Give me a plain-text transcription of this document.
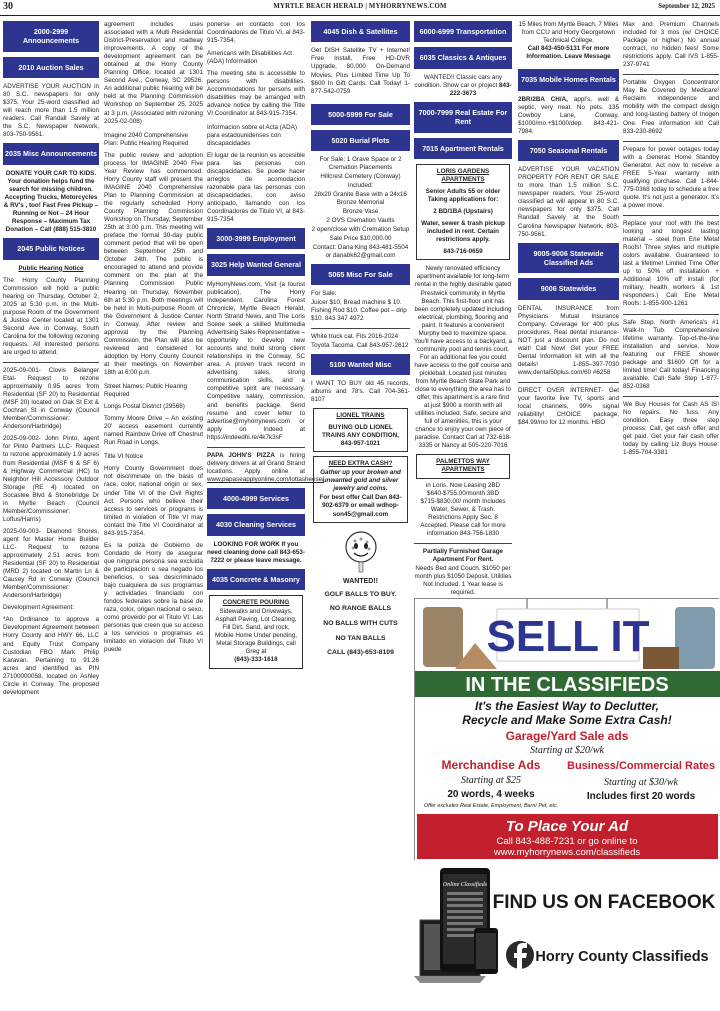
30	MYRTLE BEACH HERALD | MYHORRYNEWS.COM	September 12, 2025
2000-2999 Announcements
2010 Auction Sales

ADVERTISE YOUR AUCTION in 80 S.C. newspapers for only $375. Your 25-word classified ad will reach more than 1.5 million readers. Call Randall Savely at the S.C. Newspaper Network, 803-750-9561.

2035 Misc Announcements

DONATE YOUR CAR TO KIDS. Your donation helps fund the search for missing children. Accepting Trucks, Motorcycles & RV's , too! Fast Free Pickup – Running or Not – 24 Hour Response – Maximum Tax Donation – Call (888) 515-3810

2045 Public Notices

Public Hearing Notice

The Horry County Planning Commission will hold a public hearing on Thursday, October 2, 2025 at 5:30 p.m. in the Multi-purpose Room of the Government & Justice Center located at 1301 Second Ave in Conway, South Carolina for the following rezoning requests. All interested persons are urged to attend.

2025-09-001- Clovis Belanger Etal- Request to rezone approximately 0.95 acres from Residential (SF 20) to Residential (MSF 20) located on Oak St Ext & Cochran St in Conway (Council Member/Commissioner: Anderson/Harbridge)

2025-09-002- John Pinto, agent for Pinto Partners LLC- Request to rezone approximately 1.9 acres from Residential (MSF 6 & SF 6) & Highway Commercial (HC) to Neighbor Hill Accessory Outdoor Storage (RE 4) located on Socastee Blvd & Stonebridge Dr in Myrtle Beach (Council Member/Commissioner: Loftus/Harris)

2025-09-003- Diamond Shores, agent for Master Home Builder LLC- Request to rezone approximately 2.51 acres from Residential (SF 20) to Residential (MRD 2) located on Martin Ln & Causey Rd in Conway (Council Member/Commissioner: Anderson/Harbridge)

Development Agreement:

*An Ordinance to approve a Development Agreement between Horry County and HWY 66, LLC and Equity Trust Company Custodian FBO Mark Philip Karavan. Pertaining to 91.26 acres and identified as PIN 27100000058, located on Ashley Circle in Conway. The proposed development

agreement includes uses associated with a Multi Residential District-Preservation and roadway improvements. A copy of the development agreement can be obtained at the Horry County Planning Office, located at 1301 Second Ave., Conway, SC 29526. An additional public hearing will be held at the Planning Commission Workshop on September 25, 2025 at 3 p.m. (Associated with rezoning 2025-02-008)

Imagine 2040 Comprehensive Plan: Public Hearing Required

The public review and adoption process for IMAGINE 2040 Five Year Review has commenced. Horry County staff will present the IMAGINE 2040 Comprehensive Plan to Planning Commission at the regularly scheduled Horry County Planning Commission Workshop on Thursday, September 25th at 3:00 p.m. This meeting will preface the formal 30-day public comment period that will be open between September 25th and October 24th. The public is encouraged to attend and provide comment on the plan at the Planning Commission Public Hearing on Thursday, November 6th at 5:30 p.m. Both meetings will be held in Multi-purpose Room of the Government & Justice Center in Conway. After review and approval by the Planning Commission, the Plan will also be reviewed and considered for adoption by Horry County Council at their meetings on November 18th at 6:00 p.m.

Street Names: Public Hearing Required

Longs Postal District (29568)

Tommy Moore Drive – An existing 20' access easement currently named Rainbow Drive off Chestnut Run Road in Longs.

Title VI Notice

Horry County Government does not discriminate on the basis of race, color, national origin or sex, under Title VI of the Civil Rights Act. Persons who believe their access to services or programs is limited in violation of Title VI may contact the Title VI Coordinator at 843-915-7354.

Es la poliza de Gobierno de Condado de Horry de asegurar que ninguna persona sea excluida de participacion o sea negado los beneficios, o sea desicriminado bajo cualquiera de sus programas y actividades financiado con fondos federales sobre la base de raza, color, origen nacional o sexo, como proveido por el Titulo VI. Las personas que creen que su acceso a los servicios o programas es limitado en violacion del Titulo VI puede

ponerse en contacto con los Coordinadores de Titulo VI, al 843-915-7354.

Americans with Disabilities Act (ADA) Information

The meeting site is accessible to persons with disabilities. Accommodations for persons with disabilities may be arranged with advance notice by calling the Title VI Coordinator at 843-915-7354.

Informacion sobre el Acta (ADA) para estadounidenses con discapacidades

El lugar de la reunion es accesible para las personas con discapacidades. Se puede hacer arreglos de acomodacion razonable para las personas con discapacidades, con aviso anticipado, llamando con los Coordinadores de Titulo VI, al 843-915-7354

3000-3999 Employment
3025 Help Wanted General

MyHorryNews.com, Visit (a tourist publication), The Horry Independent, Carolina Forest Chronicle, Myrtle Beach Herald, North Strand News, and The Loris Scene seek a skilled Multimedia Advertising Sales Representative – opportunity to develop new accounts and build strong client relationships in the Conway, SC area. A proven track record in advertising sales, strong communication skills, and a competitive spirit are necessary. Competitive salary, commission, and benefits package. Send resume and cover letter to advertise@myhorrynews.com or apply on Indeed at https://indeedhi.re/4k7k3sF

PAPA JOHN'S PIZZA is hiring delivery drivers at all Grand Strand locations. Apply online at www.papaseapplyonline.com/lottasheese/

4000-4999 Services
4030 Cleaning Services

LOOKING FOR WORK If you need cleaning done call 843-653-7222 or please leave message.

4035 Concrete & Masonry

CONCRETE POURING

Sidewalks and Driveways, Asphalt Paving, Lot Clearing, Fill Dirt, Sand, and rock, Mobile Home Under pending, Metal Storage Buildings, call Greg at

(843)-333-1618

4045 Dish & Satellites

Get DISH Satellite TV + Internet! Free Install, Free HD-DVR Upgrade, 80,000 On-Demand Movies, Plus Limited Time Up To $600 In Gift Cards. Call Today! 1-877-542-0759

5000-5999 For Sale
5020 Burial Plots

For Sale: 1 Grave Space or 2 Cremation Placements

Hillcrest Cemetery (Conway) Included:

28x20 Granite Base with a 24x16 Bronze Memorial

Bronze Vase

2 OVS Cremation Vaults

2 open/close with Cremation Setup

Sale Price $10,000.00

Contact: Dana King 843-481-5504 or danabk62@gmail.com

5065 Misc For Sale

For Sale:

Juicer $10, Bread machine $ 10. Fishing Rod $10. Coffee pot – drip $10. 843 347 4972

White truck cat. Fits 2016-2024 Toyota Tacoma. Call 843-957-2612

5100 Wanted Misc

I WANT TO BUY old 45 records, albums and 78's. Call 704-361-8107

LIONEL TRAINS

BUYING OLD LIONEL TRAINS ANY CONDITION, 843-957-1021

NEED EXTRA CASH?

Gather up your broken and unwanted gold and silver jewelry and coins.

For best offer Call Dan 843-902-6379 or email wdhop-son45@gmail.com

WANTED!!

GOLF BALLS TO BUY.

NO RANGE BALLS

NO BALLS WITH CUTS

NO TAN BALLS

CALL (843)-653-8109

6000-6999 Transportation
6035 Classics & Antiques

WANTED!! Classic cars any condition. Show car or project 843-222-3673

7000-7999 Real Estate For Rent
7015 Apartment Rentals

LORIS GARDENS APARTMENTS

Senior Adults 55 or older Taking applications for:

2 BD/1BA (Upstairs)

Water, sewer & trash pickup included in rent. Certain restrictions apply.

843-716-0659

Newly renovated efficiency apartment available for long-term rental in the highly desirable gated Prestwick community in Myrtle Beach. This first-floor unit has been completely updated including electrical, plumbing, flooring and paint. It features a convenient Murphy bed to maximize space. You'll have access to a backyard, a community pool and tennis court. For an additional fee you could have access to the golf course and pickleball. Located just minutes from Myrtle Beach State Park and close to everything the area has to offer, this apartment is a rare find at just $900 a month with all utilities included. Safe, secure and full of amenities, this is your chance to enjoy your own piece of paradise. Contact Carl at 732-618-3335 or Nancy at 505-220-7016

PALMETTOS WAY APARTMENTS

in Loris. Now Leasing 2BD $640-$755.00/month 3BD $715-$830.00/ month Includes Water, Sewer, & Trash. Restrictions Apply Sec. 8 Accepted. Please call for more information 843-756-1830

Partially Furnished Garage Apartment For Rent.

Needs Bed and Couch. $1050 per month plus $1050 Deposit. Utilities Not Included. 1 Year lease is required.

15 Miles from Myrtle Beach, 7 Miles from CCU and Horry Georgetown Technical College.

Call 843-450-5131 For more Information. Leave Message

7035 Mobile Homes Rentals

2BR/2BA CH/A, appl's, well & septic, very neat. No pets. 135 Cowboy Lane, Conway. $1000/mo.+$1000/dep. 843-421-7984.

7050 Seasonal Rentals

ADVERTISE YOUR VACATION PROPERTY FOR RENT OR SALE to more than 1.5 million S.C. newspaper readers. Your 25-word classified ad will appear in 80 S.C. newspapers for only $375. Call Randall Savely at the South Carolina Newspaper Network, 803-750-9561.

9005-9006 Statewide Classified Ads
9006 Statewides

DENTAL INSURANCE from Physicians Mutual Insurance Company. Coverage for 400 plus procedures. Real dental insurance- NOT just a discount plan. Do not wait! Call Now! Get your FREE Dental Information kit with all the details! 1-855–397-7030 www.dental50plus.com/60 #6258

DIRECT OVER INTERNET- Get your favorite live TV, sports and local channels, 99% signal reliability! CHOICE package, $84.99/mo for 12 months. HBO

Max and Premium Channels included for 3 mos (w/ CHOICE Package or higher.) No annual contract, no hidden fees! Some restrictions apply. Call IVS 1-855-237-9741

Portable Oxygen Concentrator May Be Covered by Medicare! Reclaim independence and mobility with the compact design and long-lasting battery of Inogen One. Free information kit! Call 833-230-8692

Prepare for power outages today with a Generac Home Standby Generator. Act now to receive a FREE 5-Year warranty with qualifying purchase. Call 1-844-775-0368 today to schedule a free quote. It's not just a generator. It's a power move.

Replace your roof with the best looking and longest lasting material – steel from Erie Metal Roofs! Three styles and multiple colors available. Guaranteed to last a lifetime! Limited Time Offer up to 50% off installation + Additional 10% off install (for military, health workers & 1st responders.) Call Erie Metal Roofs: 1-855-900-1261

Safe Step. North America's #1 Walk-In Tub. Comprehensive lifetime warranty. Top-of-the-line installation and service. Now featuring our FREE shower package and $1600 Off for a limited time! Call today! Financing available. Call Safe Step 1-877-852-0368

We Buy Houses for Cash AS IS! No repairs. No fuss. Any condition. Easy three step process: Call, get cash offer and get paid. Get your fair cash offer today by calling Liz Buys House: 1-855-704-3381

SELL IT
IN THE CLASSIFIEDS
It's the Easiest Way to Declutter,
Recycle and Make Some Extra Cash!
Garage/Yard Sale ads
Starting at $20/wk
Merchandise Ads
Starting at $25
20 words, 4 weeks
Offer excludes Real Estate, Employment, Barn/ Pet, etc.
Business/Commercial Rates
Starting at $30/wk
Includes first 20 words
To Place Your Ad
Call 843-488-7231 or go online to
www.myhorrynews.com/classifieds
Online Classifieds
FIND US ON FACEBOOK
Horry County Classifieds
